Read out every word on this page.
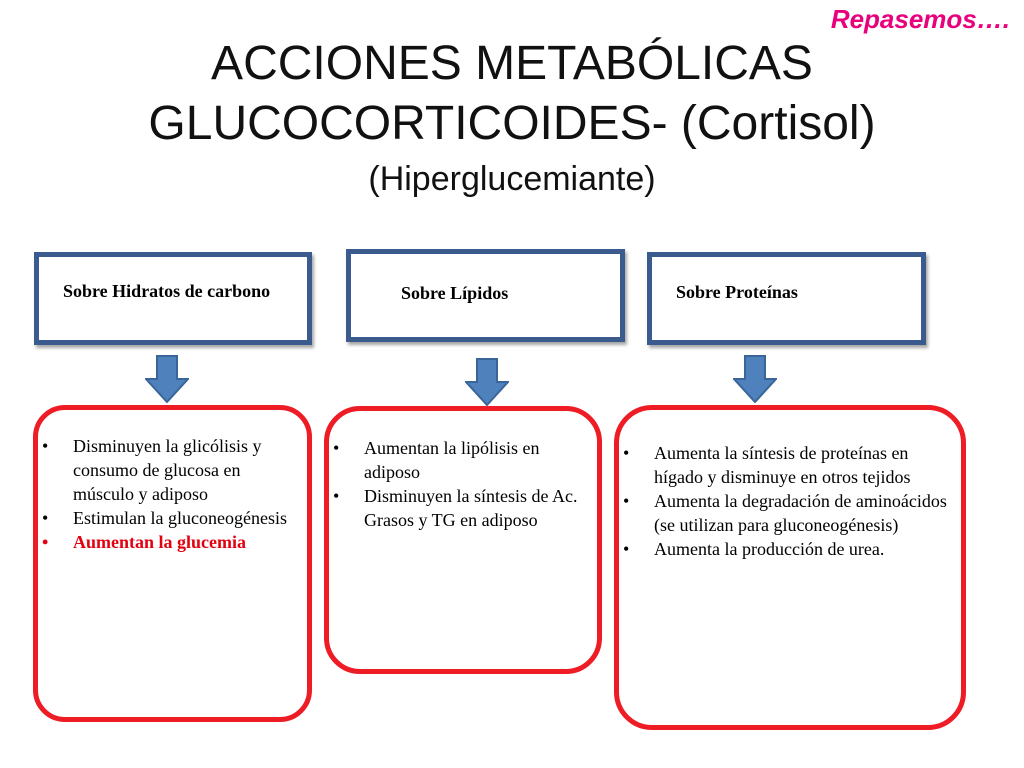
Repasemos….
ACCIONES METABÓLICAS
GLUCOCORTICOIDES- (Cortisol)
(Hiperglucemiante)
Sobre Hidratos de carbono	Sobre Lípidos	Sobre Proteínas
• Disminuyen la glicólisis y consumo de glucosa en músculo y adiposo
• Estimulan la gluconeogénesis
• Aumentan la glucemia
• Aumentan la lipólisis en adiposo
• Disminuyen la síntesis de Ac. Grasos y TG en adiposo
• Aumenta la síntesis de proteínas en hígado y disminuye en otros tejidos
• Aumenta la degradación de aminoácidos (se utilizan para gluconeogénesis)
• Aumenta la producción de urea.
